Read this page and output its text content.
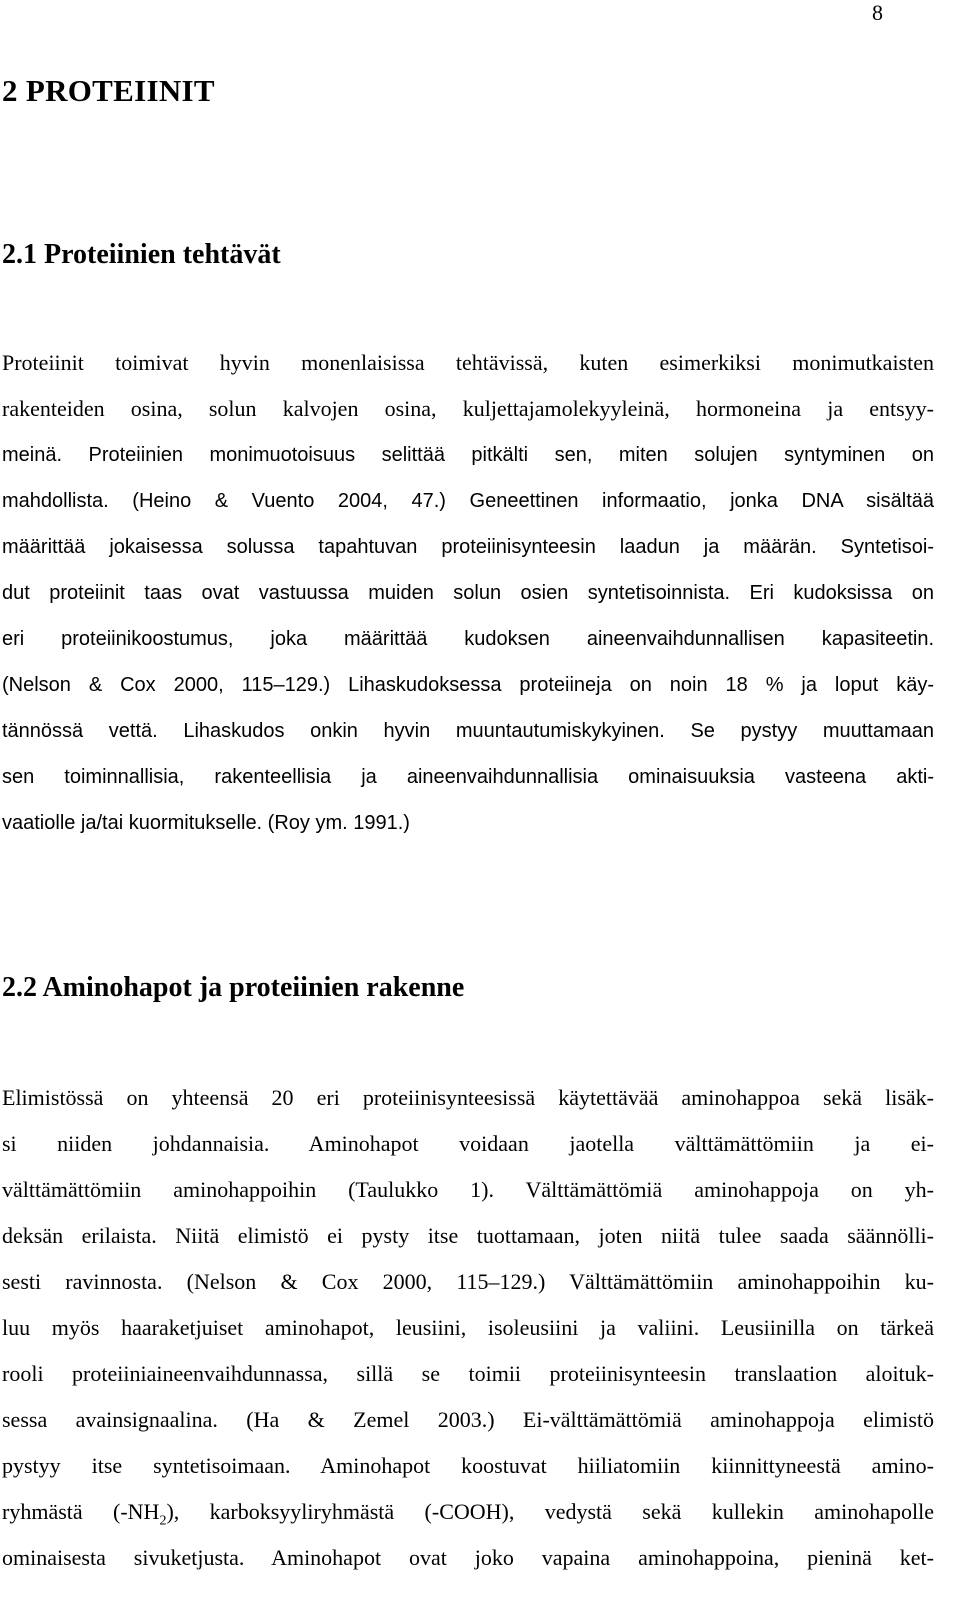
8
2 PROTEIINIT
2.1 Proteiinien tehtävät
Proteiinit toimivat hyvin monenlaisissa tehtävissä, kuten esimerkiksi monimutkaisten
rakenteiden osina, solun kalvojen osina, kuljettajamolekyyleinä, hormoneina ja entsyy-
meinä. Proteiinien monimuotoisuus selittää pitkälti sen, miten solujen syntyminen on
mahdollista. (Heino & Vuento 2004, 47.) Geneettinen informaatio, jonka DNA sisältää
määrittää jokaisessa solussa tapahtuvan proteiinisynteesin laadun ja määrän. Syntetisoi-
dut proteiinit taas ovat vastuussa muiden solun osien syntetisoinnista. Eri kudoksissa on
eri proteiinikoostumus, joka määrittää kudoksen aineenvaihdunnallisen kapasiteetin.
(Nelson & Cox 2000, 115–129.) Lihaskudoksessa proteiineja on noin 18 % ja loput käy-
tännössä vettä. Lihaskudos onkin hyvin muuntautumiskykyinen. Se pystyy muuttamaan
sen toiminnallisia, rakenteellisia ja aineenvaihdunnallisia ominaisuuksia vasteena akti-
vaatiolle ja/tai kuormitukselle. (Roy ym. 1991.)
2.2 Aminohapot ja proteiinien rakenne
Elimistössä on yhteensä 20 eri proteiinisynteesissä käytettävää aminohappoa sekä lisäk-
si niiden johdannaisia. Aminohapot voidaan jaotella välttämättömiin ja ei-
välttämättömiin aminohappoihin (Taulukko 1). Välttämättömiä aminohappoja on yh-
deksän erilaista. Niitä elimistö ei pysty itse tuottamaan, joten niitä tulee saada säännölli-
sesti ravinnosta. (Nelson & Cox 2000, 115–129.) Välttämättömiin aminohappoihin ku-
luu myös haaraketjuiset aminohapot, leusiini, isoleusiini ja valiini. Leusiinilla on tärkeä
rooli proteiiniaineenvaihdunnassa, sillä se toimii proteiinisynteesin translaation aloituk-
sessa avainsignaalina. (Ha & Zemel 2003.) Ei-välttämättömiä aminohappoja elimistö
pystyy itse syntetisoimaan. Aminohapot koostuvat hiiliatomiin kiinnittyneestä amino-
ryhmästä $(-NH_2)$, karboksyyliryhmästä (-COOH), vedystä sekä kullekin aminohapolle
ominaisesta sivuketjusta. Aminohapot ovat joko vapaina aminohappoina, pieninä ket-
